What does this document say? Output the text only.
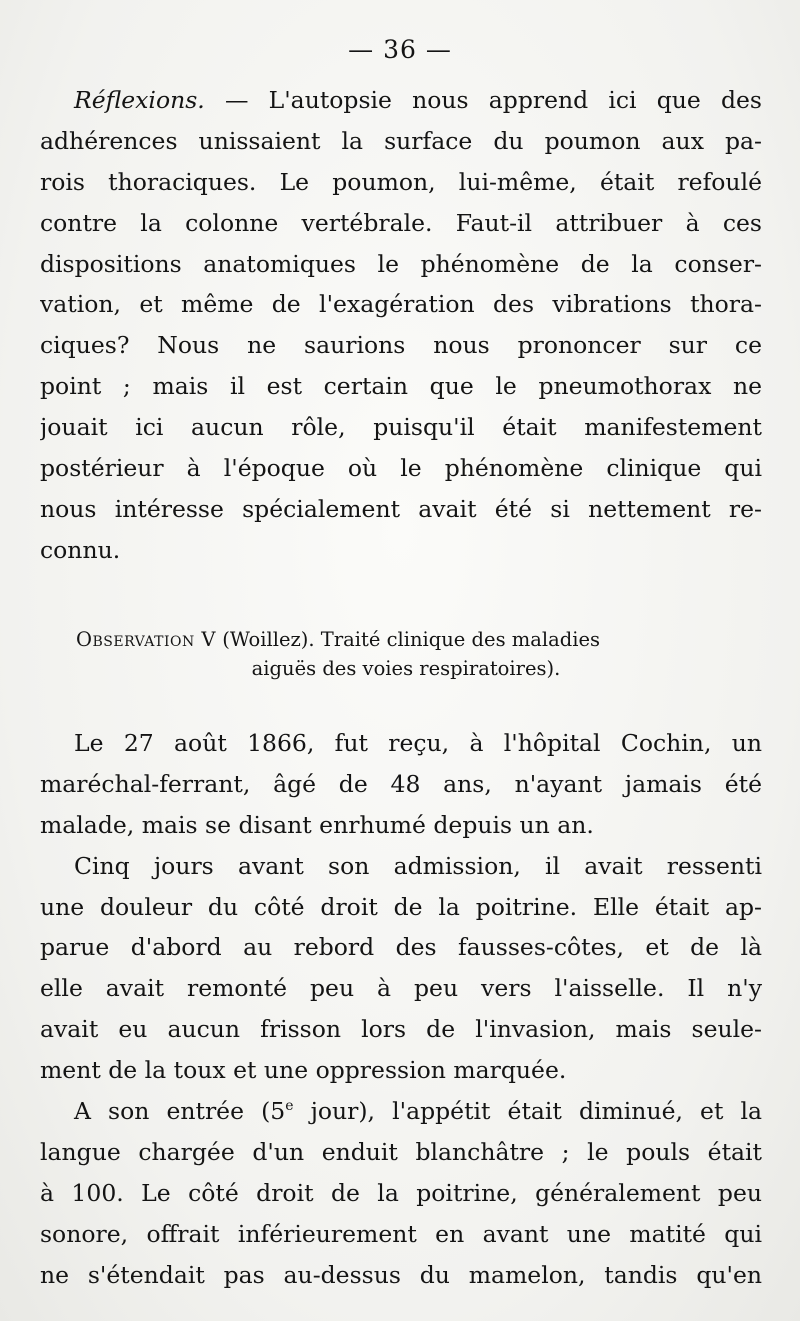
— 36 —
Réflexions. — L'autopsie nous apprend ici que des
adhérences unissaient la surface du poumon aux pa-
rois thoraciques. Le poumon, lui-même, était refoulé
contre la colonne vertébrale. Faut-il attribuer à ces
dispositions anatomiques le phénomène de la conser-
vation, et même de l'exagération des vibrations thora-
ciques? Nous ne saurions nous prononcer sur ce
point ; mais il est certain que le pneumothorax ne
jouait ici aucun rôle, puisqu'il était manifestement
postérieur à l'époque où le phénomène clinique qui
nous intéresse spécialement avait été si nettement re-
connu.
Observation V (Woillez). Traité clinique des maladies
aiguës des voies respiratoires).
Le 27 août 1866, fut reçu, à l'hôpital Cochin, un
maréchal-ferrant, âgé de 48 ans, n'ayant jamais été
malade, mais se disant enrhumé depuis un an.
Cinq jours avant son admission, il avait ressenti
une douleur du côté droit de la poitrine. Elle était ap-
parue d'abord au rebord des fausses-côtes, et de là
elle avait remonté peu à peu vers l'aisselle. Il n'y
avait eu aucun frisson lors de l'invasion, mais seule-
ment de la toux et une oppression marquée.
A son entrée (5e jour), l'appétit était diminué, et la
langue chargée d'un enduit blanchâtre ; le pouls était
à 100. Le côté droit de la poitrine, généralement peu
sonore, offrait inférieurement en avant une matité qui
ne s'étendait pas au-dessus du mamelon, tandis qu'en
